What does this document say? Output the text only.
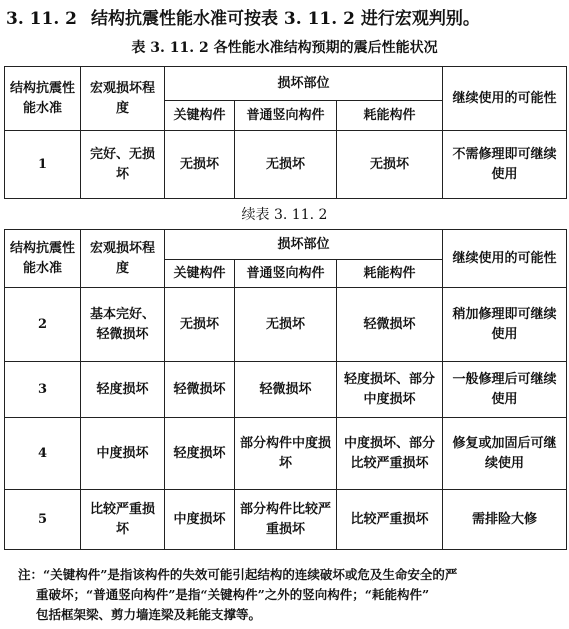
3. 11. 2 结构抗震性能水准可按表 3. 11. 2 进行宏观判别。
表 3. 11. 2 各性能水准结构预期的震后性能状况
结构抗震性能水准	宏观损坏程度	损坏部位			继续使用的可能性
		关键构件	普通竖向构件	耗能构件	
1	完好、无损坏	无损坏	无损坏	无损坏	不需修理即可继续使用
续表 3. 11. 2
结构抗震性能水准	宏观损坏程度	损坏部位			继续使用的可能性
		关键构件	普通竖向构件	耗能构件	
2	基本完好、轻微损坏	无损坏	无损坏	轻微损坏	稍加修理即可继续使用
3	轻度损坏	轻微损坏	轻微损坏	轻度损坏、部分中度损坏	一般修理后可继续使用
4	中度损坏	轻度损坏	部分构件中度损坏	中度损坏、部分比较严重损坏	修复或加固后可继续使用
5	比较严重损坏	中度损坏	部分构件比较严重损坏	比较严重损坏	需排险大修
注：“关键构件”是指该构件的失效可能引起结构的连续破坏或危及生命安全的严
重破坏；“普通竖向构件”是指“关键构件”之外的竖向构件；“耗能构件”
包括框架梁、剪力墙连梁及耗能支撑等。
